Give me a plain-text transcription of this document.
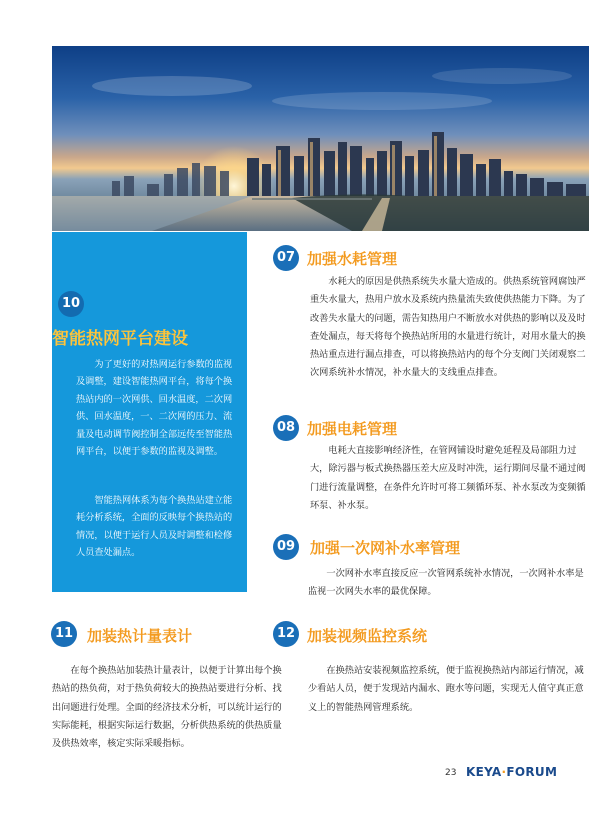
10
智能热网平台建设

为了更好的对热网运行参数的监视及调整，建设智能热网平台，将每个换热站内的一次网供、回水温度，二次网供、回水温度，一、二次网的压力、流量及电动调节阀控制全部远传至智能热网平台，以便于参数的监视及调整。

智能热网体系为每个换热站建立能耗分析系统，全面的反映每个换热站的情况，以便于运行人员及时调整和检修人员查处漏点。

07 加强水耗管理

水耗大的原因是供热系统失水量大造成的。供热系统管网腐蚀严重失水量大，热用户放水及系统内热量流失致使供热能力下降。为了改善失水量大的问题，需告知热用户不断放水对供热的影响以及及时查处漏点，每天将每个换热站所用的水量进行统计，对用水量大的换热站重点进行漏点排查，可以将换热站内的每个分支阀门关闭观察二次网系统补水情况，补水量大的支线重点排查。

08 加强电耗管理

电耗大直接影响经济性，在管网铺设时避免延程及局部阻力过大，除污器与板式换热器压差大应及时冲洗，运行期间尽量不通过阀门进行流量调整，在条件允许时可将工频循环泵、补水泵改为变频循环泵、补水泵。

09 加强一次网补水率管理

一次网补水率直接反应一次管网系统补水情况，一次网补水率是监视一次网失水率的最优保障。

11 加装热计量表计

在每个换热站加装热计量表计，以便于计算出每个换热站的热负荷，对于热负荷较大的换热站要进行分析、找出问题进行处理。全面的经济技术分析，可以统计运行的实际能耗，根据实际运行数据，分析供热系统的供热质量及供热效率，核定实际采暖指标。

12 加装视频监控系统

在换热站安装视频监控系统，便于监视换热站内部运行情况，减少看站人员，便于发现站内漏水、跑水等问题，实现无人值守真正意义上的智能热网管理系统。

23 KEYA·FORUM
